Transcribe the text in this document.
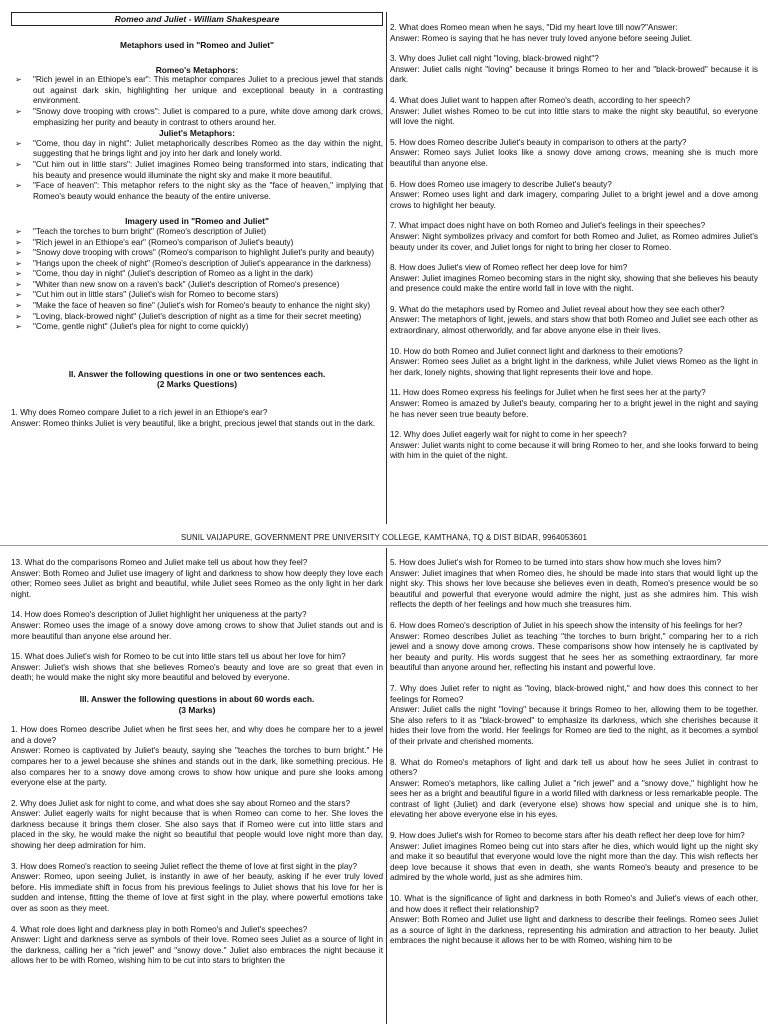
Romeo and Juliet - William Shakespeare
Metaphors used in "Romeo and Juliet"
Romeo's Metaphors:
➢ "Rich jewel in an Ethiope's ear": This metaphor compares Juliet to a precious jewel that stands out against dark skin, highlighting her unique and exceptional beauty in a contrasting environment.
➢ "Snowy dove trooping with crows": Juliet is compared to a pure, white dove among dark crows, emphasizing her purity and beauty in contrast to others around her.
Juliet's Metaphors:
➢ "Come, thou day in night": Juliet metaphorically describes Romeo as the day within the night, suggesting that he brings light and joy into her dark and lonely world.
➢ "Cut him out in little stars": Juliet imagines Romeo being transformed into stars, indicating that his beauty and presence would illuminate the night sky and make it more beautiful.
➢ "Face of heaven": This metaphor refers to the night sky as the "face of heaven," implying that Romeo's beauty would enhance the beauty of the entire universe.
Imagery used in "Romeo and Juliet"
➢ "Teach the torches to burn bright" (Romeo's description of Juliet)
➢ "Rich jewel in an Ethiope's ear" (Romeo's comparison of Juliet's beauty)
➢ "Snowy dove trooping with crows" (Romeo's comparison to highlight Juliet's purity and beauty)
➢ "Hangs upon the cheek of night" (Romeo's description of Juliet's appearance in the darkness)
➢ "Come, thou day in night" (Juliet's description of Romeo as a light in the dark)
➢ "Whiter than new snow on a raven's back" (Juliet's description of Romeo's presence)
➢ "Cut him out in little stars" (Juliet's wish for Romeo to become stars)
➢ "Make the face of heaven so fine" (Juliet's wish for Romeo's beauty to enhance the night sky)
➢ "Loving, black-browed night" (Juliet's description of night as a time for their secret meeting)
➢ "Come, gentle night" (Juliet's plea for night to come quickly)
II. Answer the following questions in one or two sentences each.
(2 Marks Questions)
1. Why does Romeo compare Juliet to a rich jewel in an Ethiope's ear?
Answer: Romeo thinks Juliet is very beautiful, like a bright, precious jewel that stands out in the dark.
2. What does Romeo mean when he says, "Did my heart love till now?"Answer:
Answer: Romeo is saying that he has never truly loved anyone before seeing Juliet.
3. Why does Juliet call night "loving, black-browed night"?
Answer: Juliet calls night "loving" because it brings Romeo to her and "black-browed" because it is dark.
4. What does Juliet want to happen after Romeo's death, according to her speech?
Answer: Juliet wishes Romeo to be cut into little stars to make the night sky beautiful, so everyone will love the night.
5. How does Romeo describe Juliet's beauty in comparison to others at the party?
Answer: Romeo says Juliet looks like a snowy dove among crows, meaning she is much more beautiful than anyone else.
6. How does Romeo use imagery to describe Juliet's beauty?
Answer: Romeo uses light and dark imagery, comparing Juliet to a bright jewel and a dove among crows to highlight her beauty.
7. What impact does night have on both Romeo and Juliet's feelings in their speeches?
Answer: Night symbolizes privacy and comfort for both Romeo and Juliet, as Romeo admires Juliet's beauty under its cover, and Juliet longs for night to bring her closer to Romeo.
8. How does Juliet's view of Romeo reflect her deep love for him?
Answer: Juliet imagines Romeo becoming stars in the night sky, showing that she believes his beauty and presence could make the entire world fall in love with the night.
9. What do the metaphors used by Romeo and Juliet reveal about how they see each other?
Answer: The metaphors of light, jewels, and stars show that both Romeo and Juliet see each other as extraordinary, almost otherworldly, and far above anyone else in their lives.
10. How do both Romeo and Juliet connect light and darkness to their emotions?
Answer: Romeo sees Juliet as a bright light in the darkness, while Juliet views Romeo as the light in her dark, lonely nights, showing that light represents their love and hope.
11. How does Romeo express his feelings for Juliet when he first sees her at the party?
Answer: Romeo is amazed by Juliet's beauty, comparing her to a bright jewel in the night and saying he has never seen true beauty before.
12. Why does Juliet eagerly wait for night to come in her speech?
Answer: Juliet wants night to come because it will bring Romeo to her, and she looks forward to being with him in the quiet of the night.
SUNIL VAIJAPURE, GOVERNMENT PRE UNIVERSITY COLLEGE, KAMTHANA, TQ & DIST BIDAR, 9964053601
13. What do the comparisons Romeo and Juliet make tell us about how they feel?
Answer: Both Romeo and Juliet use imagery of light and darkness to show how deeply they love each other; Romeo sees Juliet as bright and beautiful, while Juliet sees Romeo as the only light in her dark night.
14. How does Romeo's description of Juliet highlight her uniqueness at the party?
Answer: Romeo uses the image of a snowy dove among crows to show that Juliet stands out and is more beautiful than anyone else around her.
15. What does Juliet's wish for Romeo to be cut into little stars tell us about her love for him?
Answer: Juliet's wish shows that she believes Romeo's beauty and love are so great that even in death; he would make the night sky more beautiful and beloved by everyone.
III. Answer the following questions in about 60 words each.
(3 Marks)
1. How does Romeo describe Juliet when he first sees her, and why does he compare her to a jewel and a dove?
Answer: Romeo is captivated by Juliet's beauty, saying she "teaches the torches to burn bright." He compares her to a jewel because she shines and stands out in the dark, like something precious. He also compares her to a snowy dove among crows to show how unique and pure she looks among everyone else at the party.
2. Why does Juliet ask for night to come, and what does she say about Romeo and the stars?
Answer: Juliet eagerly waits for night because that is when Romeo can come to her. She loves the darkness because it brings them closer. She also says that if Romeo were cut into little stars and placed in the sky, he would make the night so beautiful that people would love night more than day, showing her deep admiration for him.
3. How does Romeo's reaction to seeing Juliet reflect the theme of love at first sight in the play?
Answer: Romeo, upon seeing Juliet, is instantly in awe of her beauty, asking if he ever truly loved before. His immediate shift in focus from his previous feelings to Juliet shows that his love for her is sudden and intense, fitting the theme of love at first sight in the play, where powerful emotions take over as soon as they meet.
4. What role does light and darkness play in both Romeo's and Juliet's speeches?
Answer: Light and darkness serve as symbols of their love. Romeo sees Juliet as a source of light in the darkness, calling her a "rich jewel" and "snowy dove." Juliet also embraces the night because it allows her to be with Romeo, wishing him to be cut into stars to brighten the
5. How does Juliet's wish for Romeo to be turned into stars show how much she loves him?
Answer: Juliet imagines that when Romeo dies, he should be made into stars that would light up the night sky. This shows her love because she believes even in death, Romeo's presence would be so beautiful and powerful that everyone would admire the night, just as she admires him. This wish reflects the depth of her feelings and how much she treasures him.
6. How does Romeo's description of Juliet in his speech show the intensity of his feelings for her?
Answer: Romeo describes Juliet as teaching "the torches to burn bright," comparing her to a rich jewel and a snowy dove among crows. These comparisons show how intensely he is captivated by her beauty and purity. His words suggest that he sees her as something extraordinary, far more beautiful than anyone around her, reflecting his instant and powerful love.
7. Why does Juliet refer to night as "loving, black-browed night," and how does this connect to her feelings for Romeo?
Answer: Juliet calls the night "loving" because it brings Romeo to her, allowing them to be together. She also refers to it as "black-browed" to emphasize its darkness, which she cherishes because it hides their love from the world. Her feelings for Romeo are tied to the night, as it becomes a symbol of their private and cherished moments.
8. What do Romeo's metaphors of light and dark tell us about how he sees Juliet in contrast to others?
Answer: Romeo's metaphors, like calling Juliet a "rich jewel" and a "snowy dove," highlight how he sees her as a bright and beautiful figure in a world filled with darkness or less remarkable people. The contrast of light (Juliet) and dark (everyone else) shows how special and unique she is to him, elevating her above everyone else in his eyes.
9. How does Juliet's wish for Romeo to become stars after his death reflect her deep love for him?
Answer: Juliet imagines Romeo being cut into stars after he dies, which would light up the night sky and make it so beautiful that everyone would love the night more than the day. This wish reflects her deep love because it shows that even in death, she wants Romeo's beauty and presence to be admired by the whole world, just as she admires him.
10. What is the significance of light and darkness in both Romeo's and Juliet's views of each other, and how does it reflect their relationship?
Answer: Both Romeo and Juliet use light and darkness to describe their feelings. Romeo sees Juliet as a source of light in the darkness, representing his admiration and attraction to her beauty. Juliet embraces the night because it allows her to be with Romeo, wishing him to be
